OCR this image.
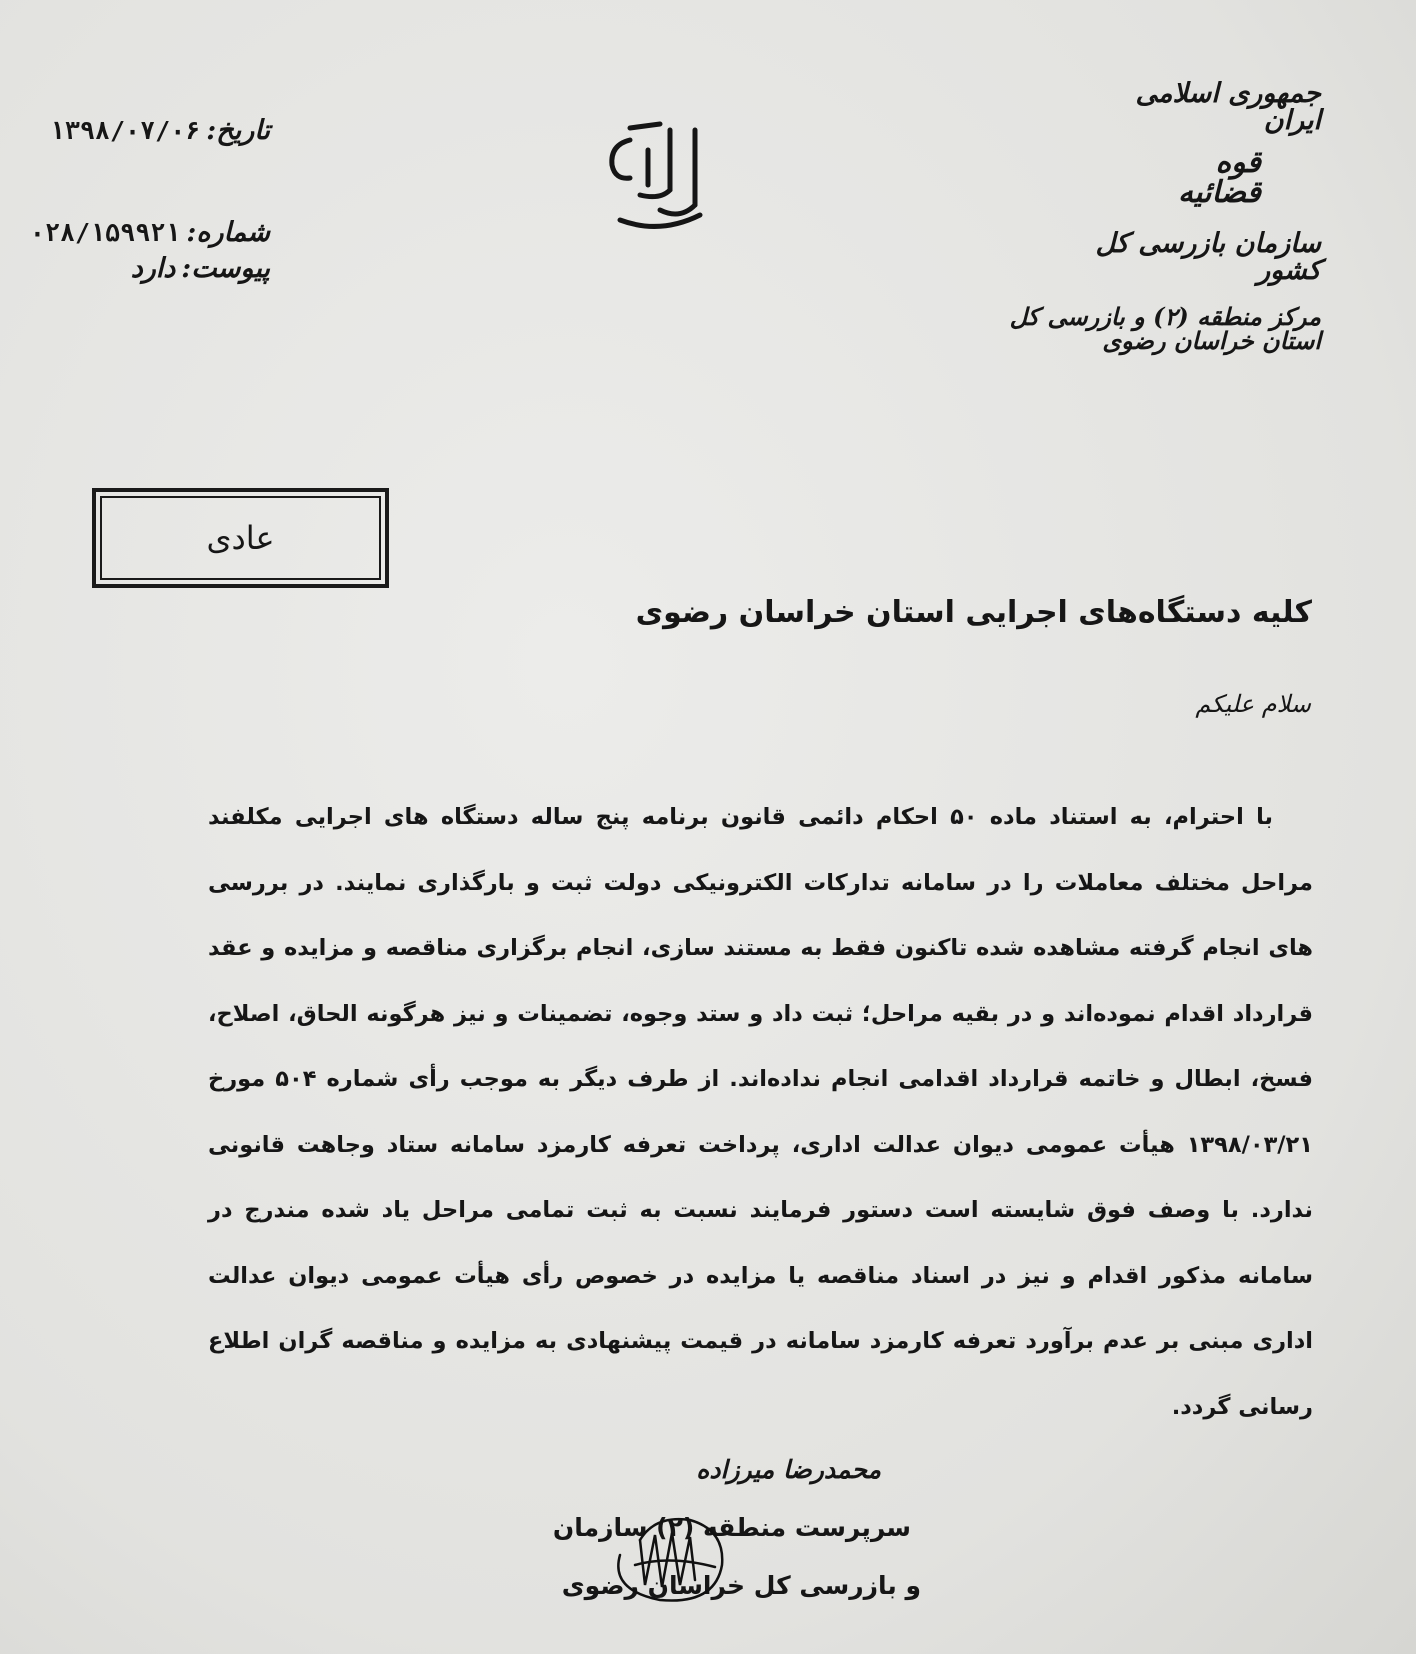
جمهوری اسلامی ایران
قوه قضائیه
سازمان بازرسی کل کشور
مرکز منطقه (۲) و بازرسی کل استان خراسان رضوی
تاریخ:
۱۳۹۸/۰۷/۰۶
شماره:
۰۲۸/۱۵۹۹۲۱
پیوست:
دارد
عادی
کلیه دستگاه‌های اجرایی استان خراسان رضوی
سلام علیکم

با احترام، به استناد ماده ۵۰ احکام دائمی قانون برنامه پنج ساله دستگاه های اجرایی مکلفند مراحل مختلف معاملات را در سامانه تدارکات الکترونیکی دولت ثبت و بارگذاری نمایند. در بررسی های انجام گرفته مشاهده شده تاکنون فقط به مستند سازی، انجام برگزاری مناقصه و مزایده و عقد قرارداد اقدام نموده‌اند و در بقیه مراحل؛ ثبت داد و ستد وجوه، تضمینات و نیز هرگونه الحاق، اصلاح، فسخ، ابطال و خاتمه قرارداد اقدامی انجام نداده‌اند. از طرف دیگر به موجب رأی شماره ۵۰۴ مورخ ۱۳۹۸/۰۳/۲۱ هیأت عمومی دیوان عدالت اداری، پرداخت تعرفه کارمزد سامانه ستاد وجاهت قانونی ندارد. با وصف فوق شایسته است دستور فرمایند نسبت به ثبت تمامی مراحل یاد شده مندرج در سامانه مذکور اقدام و نیز در اسناد مناقصه یا مزایده در خصوص رأی هیأت عمومی دیوان عدالت اداری مبنی بر عدم برآورد تعرفه کارمزد سامانه در قیمت پیشنهادی به مزایده و مناقصه گران اطلاع رسانی گردد.

محمدرضا میرزاده
سرپرست منطقه (۲) سازمان
و بازرسی کل خراسان رضوی
